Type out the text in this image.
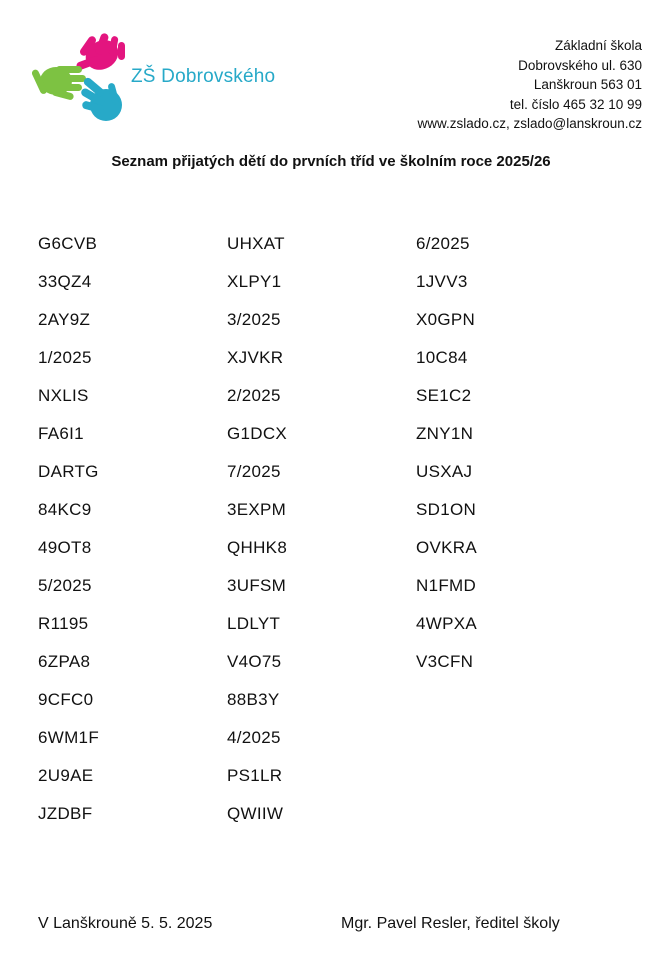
ZŠ Dobrovského
Základní škola
Dobrovského ul. 630
Lanškroun 563 01
tel. číslo 465 32 10 99
www.zslado.cz, zslado@lanskroun.cz
Seznam přijatých dětí do prvních tříd ve školním roce 2025/26
G6CVB
33QZ4
2AY9Z
1/2025
NXLIS
FA6I1
DARTG
84KC9
49OT8
5/2025
R1195
6ZPA8
9CFC0
6WM1F
2U9AE
JZDBF
UHXAT
XLPY1
3/2025
XJVKR
2/2025
G1DCX
7/2025
3EXPM
QHHK8
3UFSM
LDLYT
V4O75
88B3Y
4/2025
PS1LR
QWIIW
6/2025
1JVV3
X0GPN
10C84
SE1C2
ZNY1N
USXAJ
SD1ON
OVKRA
N1FMD
4WPXA
V3CFN
V Lanškrouně 5. 5. 2025	Mgr. Pavel Resler, ředitel školy
